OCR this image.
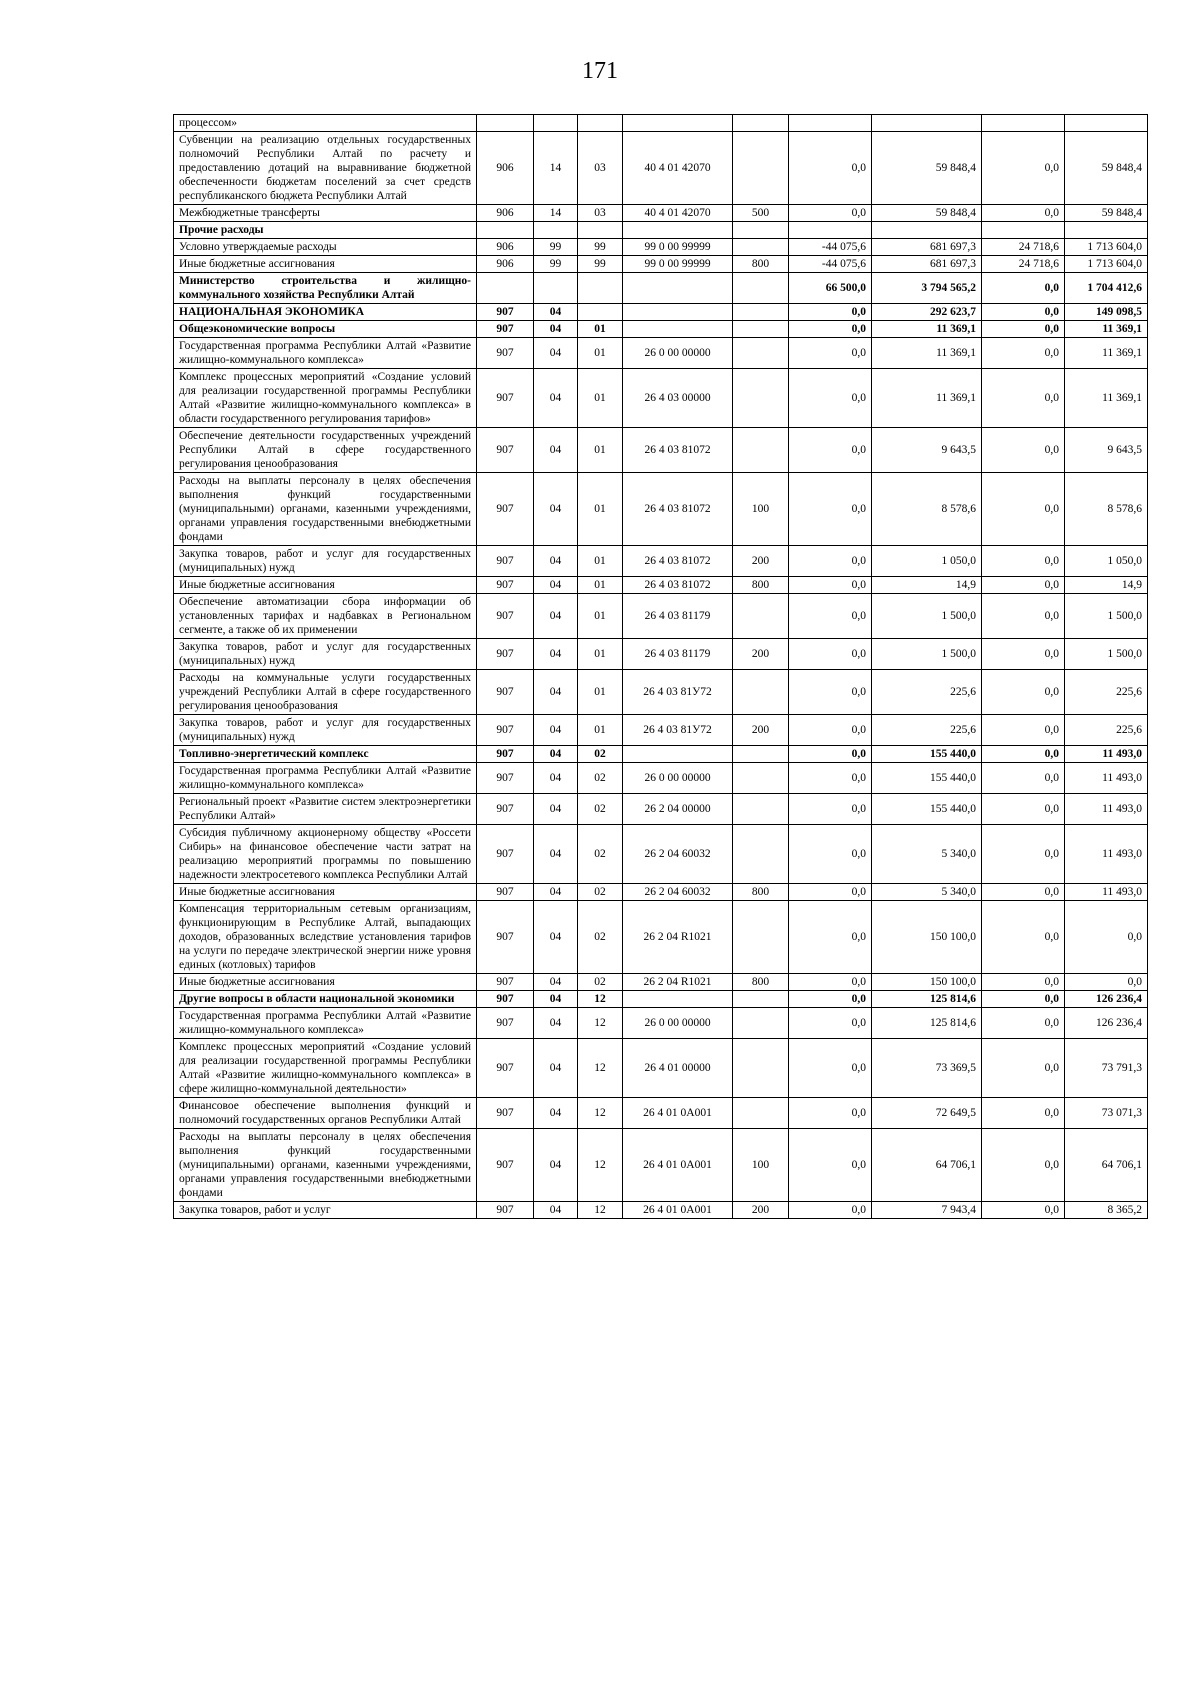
171
процессом»									
Субвенции на реализацию отдельных государственных полномочий Республики Алтай по расчету и предоставлению дотаций на выравнивание бюджетной обеспеченности бюджетам поселений за счет средств республиканского бюджета Республики Алтай	906	14	03	40 4 01 42070		0,0	59 848,4	0,0	59 848,4
Межбюджетные трансферты	906	14	03	40 4 01 42070	500	0,0	59 848,4	0,0	59 848,4
Прочие расходы									
Условно утверждаемые расходы	906	99	99	99 0 00 99999		-44 075,6	681 697,3	24 718,6	1 713 604,0
Иные бюджетные ассигнования	906	99	99	99 0 00 99999	800	-44 075,6	681 697,3	24 718,6	1 713 604,0
Министерство строительства и жилищно-коммунального хозяйства Республики Алтай						66 500,0	3 794 565,2	0,0	1 704 412,6
НАЦИОНАЛЬНАЯ ЭКОНОМИКА	907	04				0,0	292 623,7	0,0	149 098,5
Общеэкономические вопросы	907	04	01			0,0	11 369,1	0,0	11 369,1
Государственная программа Республики Алтай «Развитие жилищно-коммунального комплекса»	907	04	01	26 0 00 00000		0,0	11 369,1	0,0	11 369,1
Комплекс процессных мероприятий «Создание условий для реализации государственной программы Республики Алтай «Развитие жилищно-коммунального комплекса» в области государственного регулирования тарифов»	907	04	01	26 4 03 00000		0,0	11 369,1	0,0	11 369,1
Обеспечение деятельности государственных учреждений Республики Алтай в сфере государственного регулирования ценообразования	907	04	01	26 4 03 81072		0,0	9 643,5	0,0	9 643,5
Расходы на выплаты персоналу в целях обеспечения выполнения функций государственными (муниципальными) органами, казенными учреждениями, органами управления государственными внебюджетными фондами	907	04	01	26 4 03 81072	100	0,0	8 578,6	0,0	8 578,6
Закупка товаров, работ и услуг для государственных (муниципальных) нужд	907	04	01	26 4 03 81072	200	0,0	1 050,0	0,0	1 050,0
Иные бюджетные ассигнования	907	04	01	26 4 03 81072	800	0,0	14,9	0,0	14,9
Обеспечение автоматизации сбора информации об установленных тарифах и надбавках в Региональном сегменте, а также об их применении	907	04	01	26 4 03 81179		0,0	1 500,0	0,0	1 500,0
Закупка товаров, работ и услуг для государственных (муниципальных) нужд	907	04	01	26 4 03 81179	200	0,0	1 500,0	0,0	1 500,0
Расходы на коммунальные услуги государственных учреждений Республики Алтай в сфере государственного регулирования ценообразования	907	04	01	26 4 03 81У72		0,0	225,6	0,0	225,6
Закупка товаров, работ и услуг для государственных (муниципальных) нужд	907	04	01	26 4 03 81У72	200	0,0	225,6	0,0	225,6
Топливно-энергетический комплекс	907	04	02			0,0	155 440,0	0,0	11 493,0
Государственная программа Республики Алтай «Развитие жилищно-коммунального комплекса»	907	04	02	26 0 00 00000		0,0	155 440,0	0,0	11 493,0
Региональный проект «Развитие систем электроэнергетики Республики Алтай»	907	04	02	26 2 04 00000		0,0	155 440,0	0,0	11 493,0
Субсидия публичному акционерному обществу «Россети Сибирь» на финансовое обеспечение части затрат на реализацию мероприятий программы по повышению надежности электросетевого комплекса Республики Алтай	907	04	02	26 2 04 60032		0,0	5 340,0	0,0	11 493,0
Иные бюджетные ассигнования	907	04	02	26 2 04 60032	800	0,0	5 340,0	0,0	11 493,0
Компенсация территориальным сетевым организациям, функционирующим в Республике Алтай, выпадающих доходов, образованных вследствие установления тарифов на услуги по передаче электрической энергии ниже уровня единых (котловых) тарифов	907	04	02	26 2 04 R1021		0,0	150 100,0	0,0	0,0
Иные бюджетные ассигнования	907	04	02	26 2 04 R1021	800	0,0	150 100,0	0,0	0,0
Другие вопросы в области национальной экономики	907	04	12			0,0	125 814,6	0,0	126 236,4
Государственная программа Республики Алтай «Развитие жилищно-коммунального комплекса»	907	04	12	26 0 00 00000		0,0	125 814,6	0,0	126 236,4
Комплекс процессных мероприятий «Создание условий для реализации государственной программы Республики Алтай «Развитие жилищно-коммунального комплекса» в сфере жилищно-коммунальной деятельности»	907	04	12	26 4 01 00000		0,0	73 369,5	0,0	73 791,3
Финансовое обеспечение выполнения функций и полномочий государственных органов Республики Алтай	907	04	12	26 4 01 0А001		0,0	72 649,5	0,0	73 071,3
Расходы на выплаты персоналу в целях обеспечения выполнения функций государственными (муниципальными) органами, казенными учреждениями, органами управления государственными внебюджетными фондами	907	04	12	26 4 01 0А001	100	0,0	64 706,1	0,0	64 706,1
Закупка товаров, работ и услуг	907	04	12	26 4 01 0А001	200	0,0	7 943,4	0,0	8 365,2
